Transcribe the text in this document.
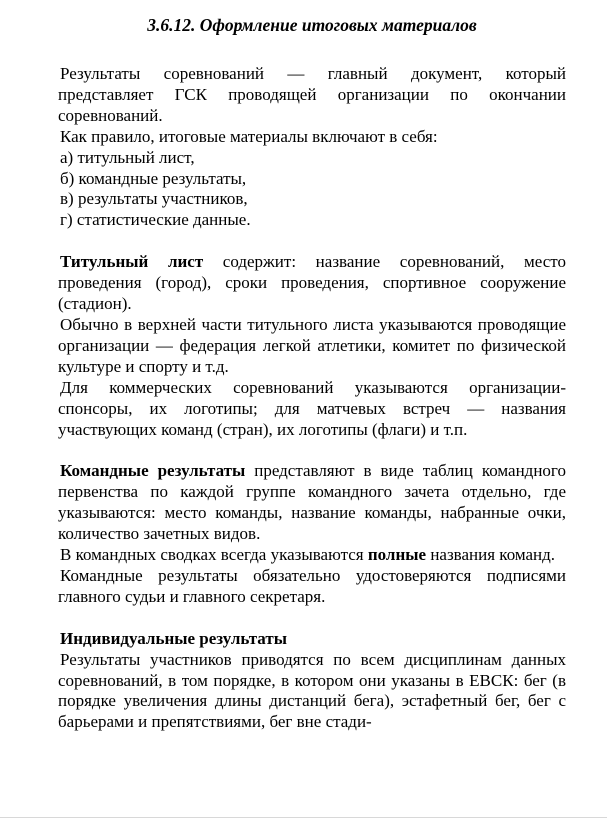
3.6.12. Оформление итоговых материалов

Результаты соревнований — главный документ, который представляет ГСК проводящей организации по окончании соревнований.

Как правило, итоговые материалы включают в себя:

а) титульный лист,
б) командные результаты,
в) результаты участников,
г) статистические данные.

Титульный лист содержит: название соревнований, место проведения (город), сроки проведения, спортивное сооружение (стадион).

Обычно в верхней части титульного листа указываются проводящие организации — федерация легкой атлетики, комитет по физической культуре и спорту и т.д.

Для коммерческих соревнований указываются организации-спонсоры, их логотипы; для матчевых встреч — названия участвующих команд (стран), их логотипы (флаги) и т.п.

Командные результаты представляют в виде таблиц командного первенства по каждой группе командного зачета отдельно, где указываются: место команды, название команды, набранные очки, количество зачетных видов.

В командных сводках всегда указываются полные названия команд.

Командные результаты обязательно удостоверяются подписями главного судьи и главного секретаря.

Индивидуальные результаты

Результаты участников приводятся по всем дисциплинам данных соревнований, в том порядке, в котором они указаны в ЕВСК: бег (в порядке увеличения длины дистанций бега), эстафетный бег, бег с барьерами и препятствиями, бег вне стади-
